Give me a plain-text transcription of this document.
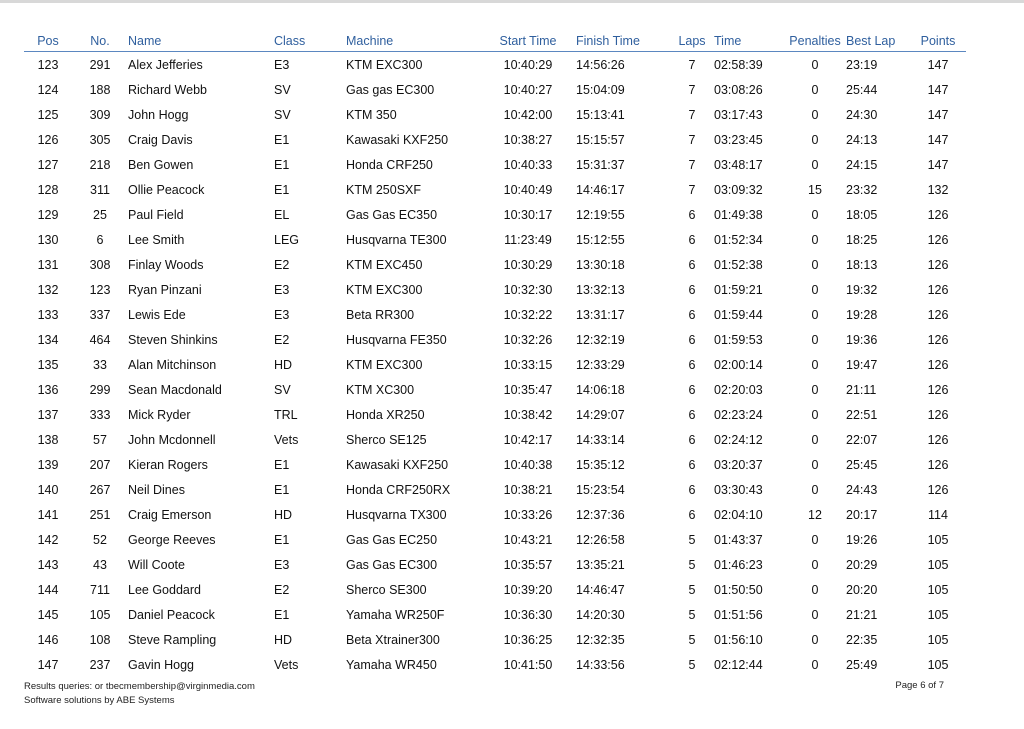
Pos	No.	Name	Class	Machine	Start Time	Finish Time	Laps	Time	Penalties	Best Lap	Points
123	291	Alex Jefferies	E3	KTM EXC300	10:40:29	14:56:26	7	02:58:39	0	23:19	147
124	188	Richard Webb	SV	Gas gas EC300	10:40:27	15:04:09	7	03:08:26	0	25:44	147
125	309	John Hogg	SV	KTM 350	10:42:00	15:13:41	7	03:17:43	0	24:30	147
126	305	Craig Davis	E1	Kawasaki KXF250	10:38:27	15:15:57	7	03:23:45	0	24:13	147
127	218	Ben Gowen	E1	Honda CRF250	10:40:33	15:31:37	7	03:48:17	0	24:15	147
128	311	Ollie Peacock	E1	KTM 250SXF	10:40:49	14:46:17	7	03:09:32	15	23:32	132
129	25	Paul Field	EL	Gas Gas EC350	10:30:17	12:19:55	6	01:49:38	0	18:05	126
130	6	Lee Smith	LEG	Husqvarna TE300	11:23:49	15:12:55	6	01:52:34	0	18:25	126
131	308	Finlay Woods	E2	KTM EXC450	10:30:29	13:30:18	6	01:52:38	0	18:13	126
132	123	Ryan Pinzani	E3	KTM EXC300	10:32:30	13:32:13	6	01:59:21	0	19:32	126
133	337	Lewis Ede	E3	Beta RR300	10:32:22	13:31:17	6	01:59:44	0	19:28	126
134	464	Steven Shinkins	E2	Husqvarna FE350	10:32:26	12:32:19	6	01:59:53	0	19:36	126
135	33	Alan Mitchinson	HD	KTM EXC300	10:33:15	12:33:29	6	02:00:14	0	19:47	126
136	299	Sean Macdonald	SV	KTM XC300	10:35:47	14:06:18	6	02:20:03	0	21:11	126
137	333	Mick Ryder	TRL	Honda XR250	10:38:42	14:29:07	6	02:23:24	0	22:51	126
138	57	John Mcdonnell	Vets	Sherco SE125	10:42:17	14:33:14	6	02:24:12	0	22:07	126
139	207	Kieran Rogers	E1	Kawasaki KXF250	10:40:38	15:35:12	6	03:20:37	0	25:45	126
140	267	Neil Dines	E1	Honda CRF250RX	10:38:21	15:23:54	6	03:30:43	0	24:43	126
141	251	Craig Emerson	HD	Husqvarna TX300	10:33:26	12:37:36	6	02:04:10	12	20:17	114
142	52	George Reeves	E1	Gas Gas EC250	10:43:21	12:26:58	5	01:43:37	0	19:26	105
143	43	Will Coote	E3	Gas Gas EC300	10:35:57	13:35:21	5	01:46:23	0	20:29	105
144	711	Lee Goddard	E2	Sherco SE300	10:39:20	14:46:47	5	01:50:50	0	20:20	105
145	105	Daniel Peacock	E1	Yamaha WR250F	10:36:30	14:20:30	5	01:51:56	0	21:21	105
146	108	Steve Rampling	HD	Beta Xtrainer300	10:36:25	12:32:35	5	01:56:10	0	22:35	105
147	237	Gavin Hogg	Vets	Yamaha WR450	10:41:50	14:33:56	5	02:12:44	0	25:49	105
Results queries: or tbecmembership@virginmedia.com
Software solutions by ABE Systems
Page 6 of 7
